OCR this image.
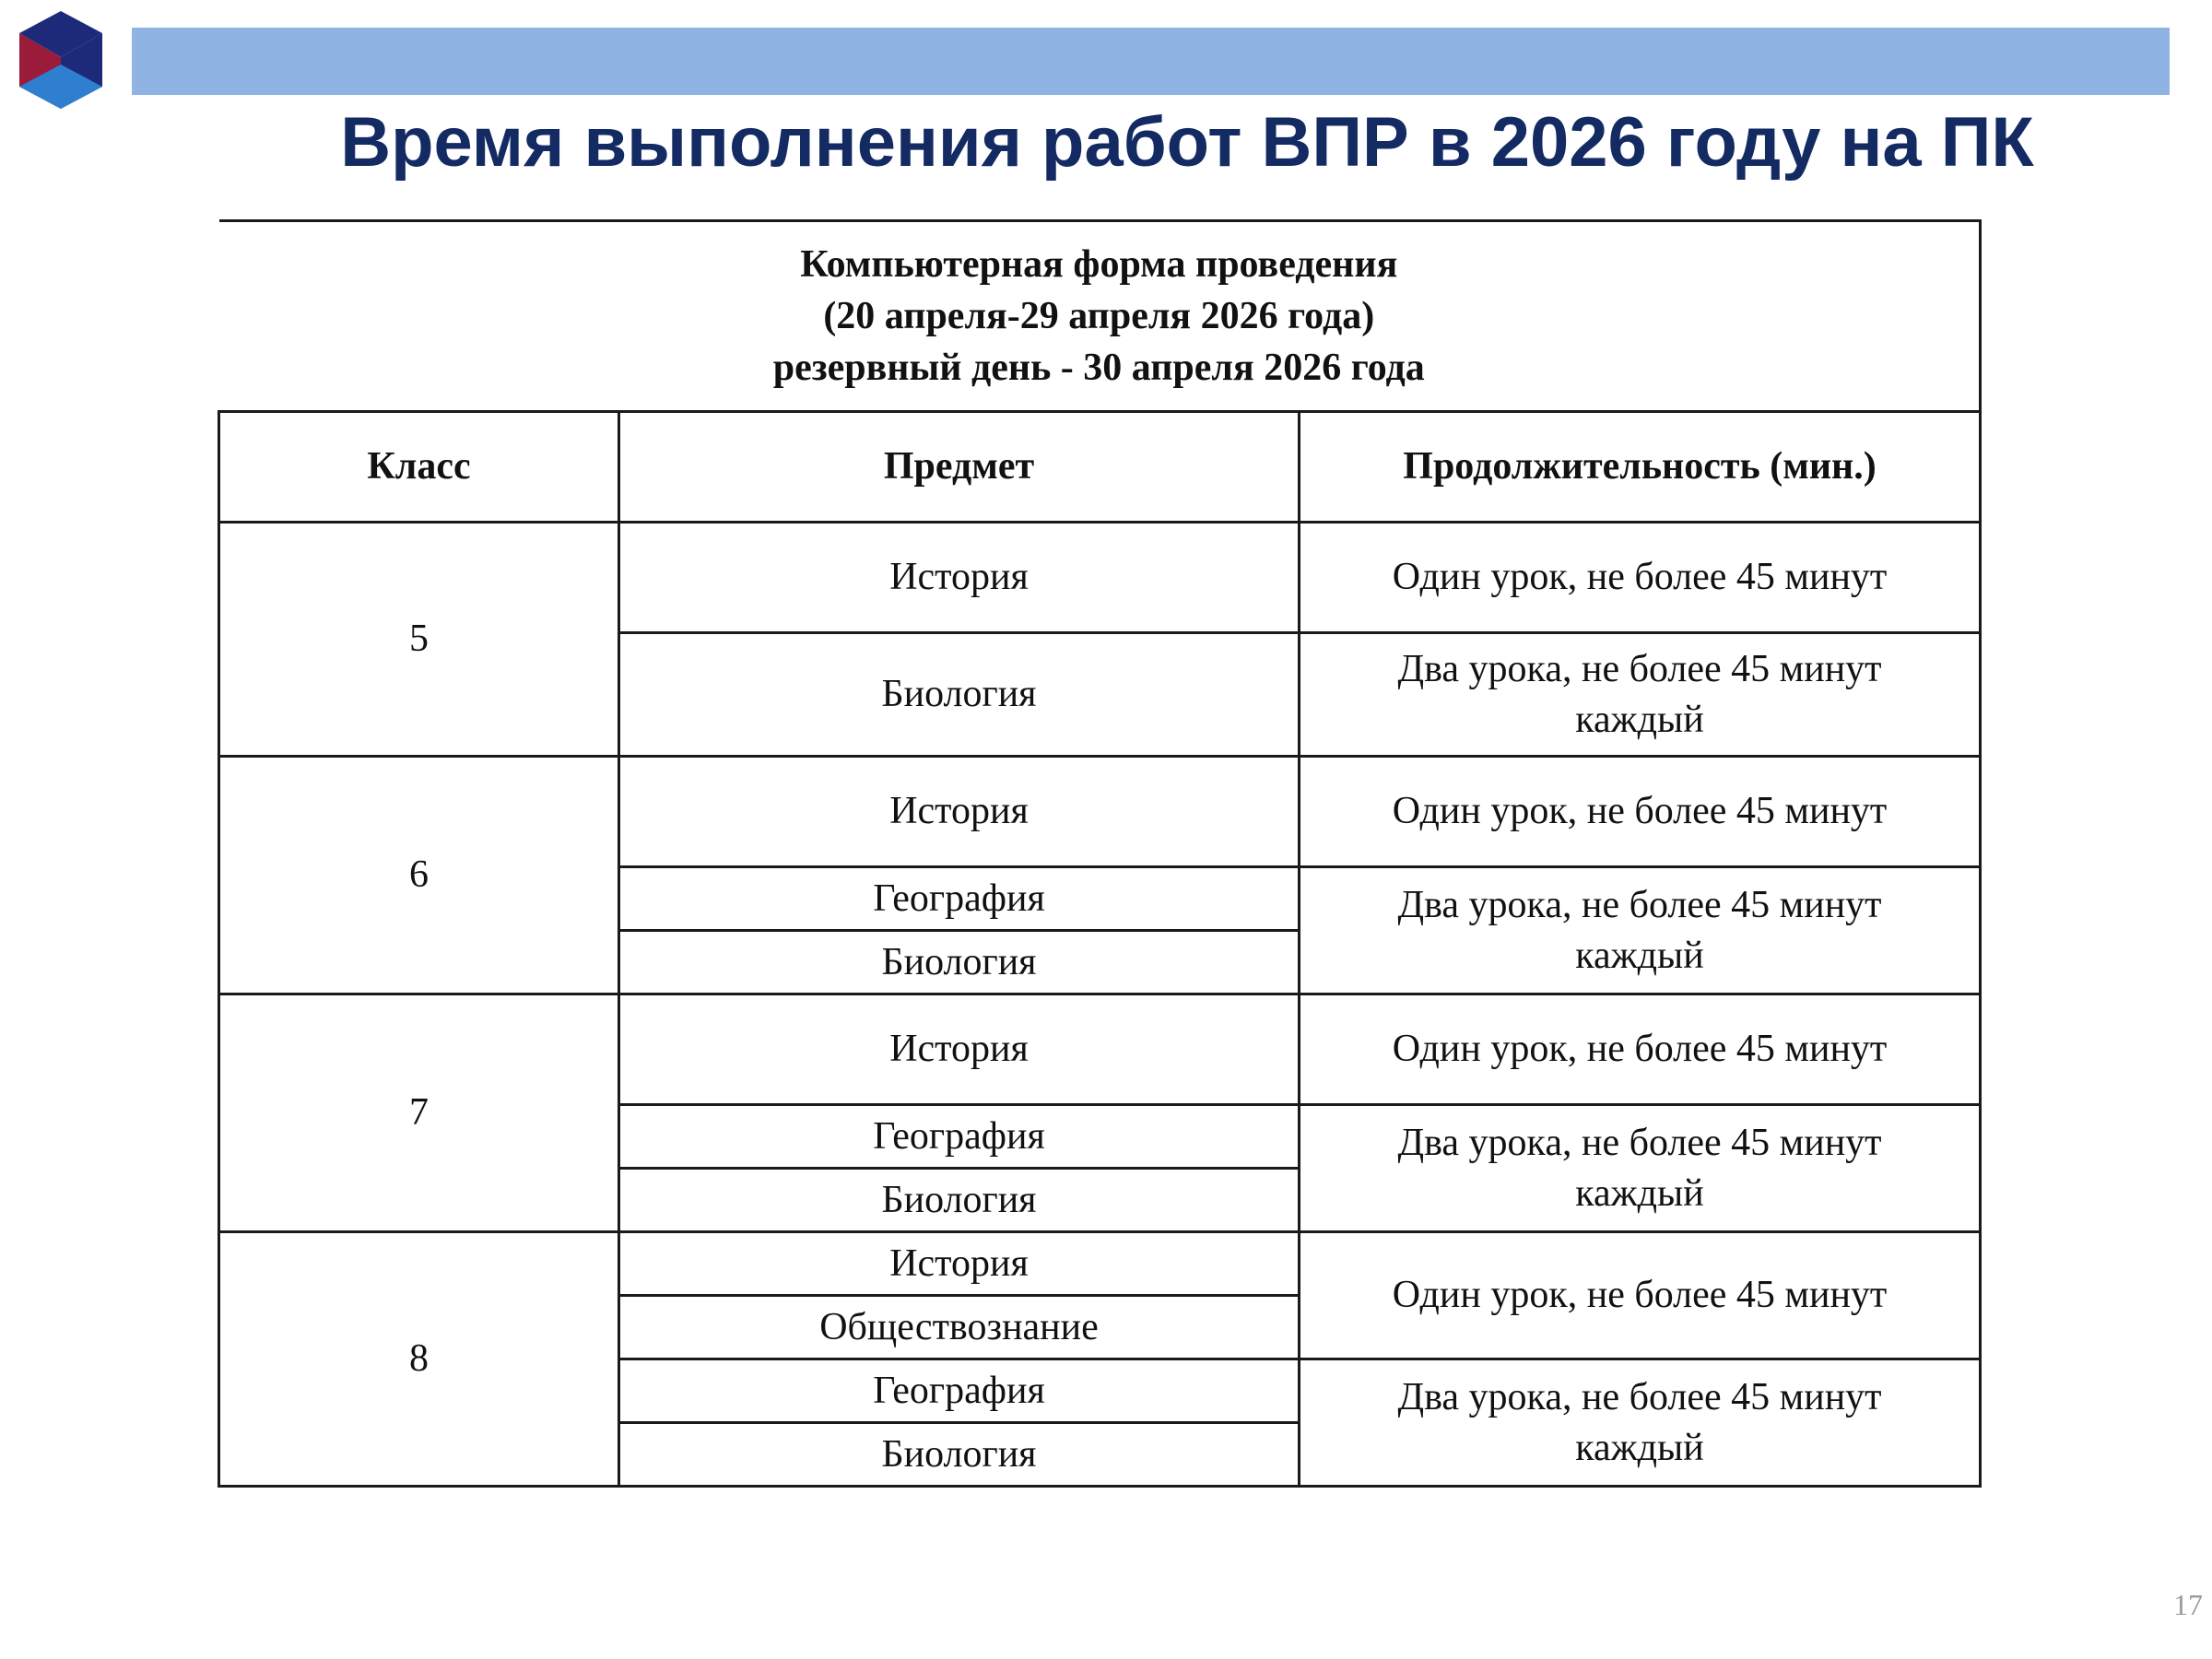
Время выполнения работ ВПР в 2026 году на ПК
Компьютерная форма проведения
(20 апреля-29 апреля 2026 года)
резервный день - 30 апреля 2026 года		

Класс	Предмет	Продолжительность (мин.)
5	История	Один урок, не более 45 минут
	Биология	Два урока, не более 45 минут
каждый

6	История	Один урок, не более 45 минут
	География	Два урока, не более 45 минут
каждый

	Биология	
7	История	Один урок, не более 45 минут
	География	Два урока, не более 45 минут
каждый

	Биология	
8	История	Один урок, не более 45 минут
	Обществознание	
	География	Два урока, не более 45 минут
каждый

	Биология	
17
